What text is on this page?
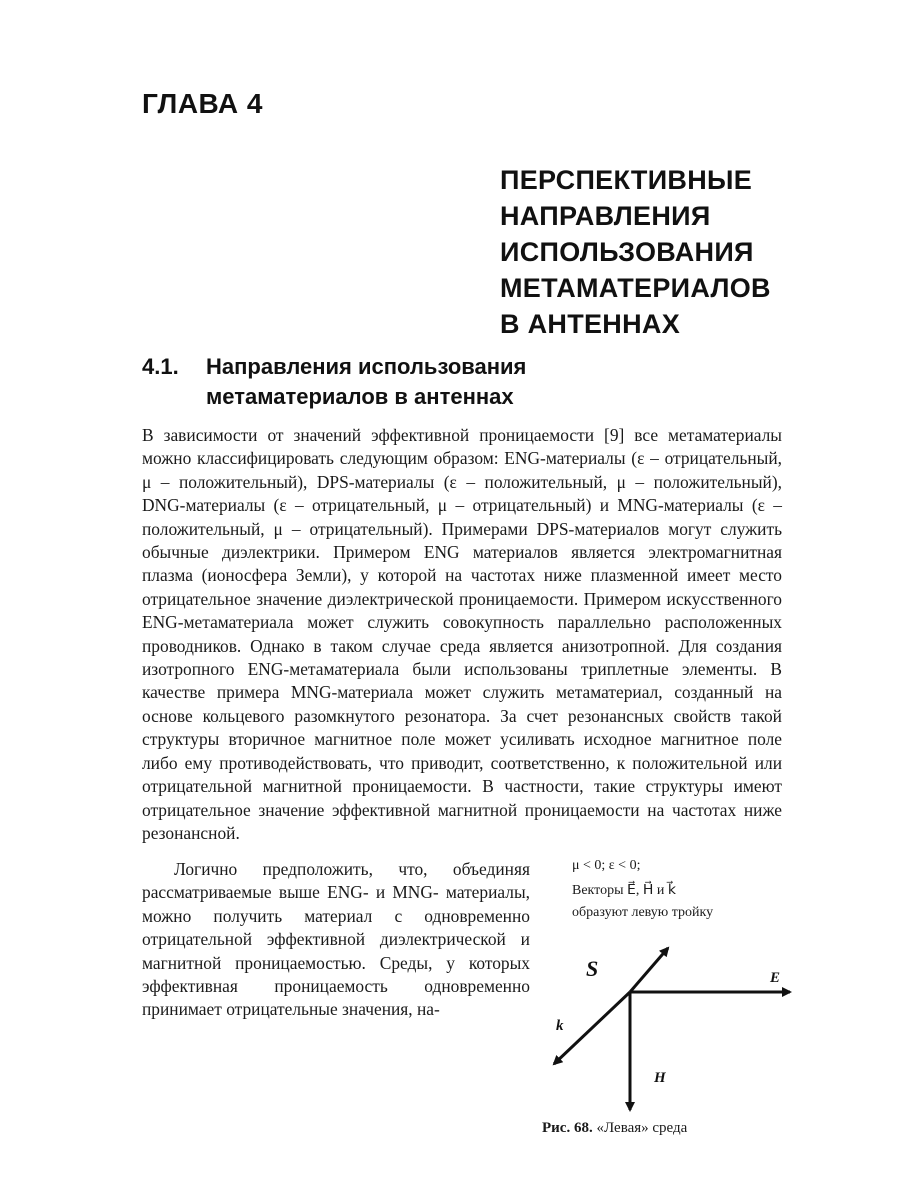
ГЛАВА 4
ПЕРСПЕКТИВНЫЕ
НАПРАВЛЕНИЯ
ИСПОЛЬЗОВАНИЯ
МЕТАМАТЕРИАЛОВ
В АНТЕННАХ
4.1. Направления использования
метаматериалов в антеннах

В зависимости от значений эффективной проницаемости [9] все метаматериалы можно классифицировать следующим образом: ENG-материалы (ε – отрицательный, μ – положительный), DPS-материалы (ε – положительный, μ – положительный), DNG-материалы (ε – отрицательный, μ – отрицательный) и MNG-материалы (ε – положительный, μ – отрицательный). Примерами DPS-материалов могут служить обычные диэлектрики. Примером ENG материалов является электромагнитная плазма (ионосфера Земли), у которой на частотах ниже плазменной имеет место отрицательное значение диэлектрической проницаемости. Примером искусственного ENG-метаматериала может служить совокупность параллельно расположенных проводников. Однако в таком случае среда является анизотропной. Для создания изотропного ENG-метаматериала были использованы триплетные элементы. В качестве примера MNG-материала может служить метаматериал, созданный на основе кольцевого разомкнутого резонатора. За счет резонансных свойств такой структуры вторичное магнитное поле может усиливать исходное магнитное поле либо ему противодействовать, что приводит, соответственно, к положительной или отрицательной магнитной проницаемости. В частности, такие структуры имеют отрицательное значение эффективной магнитной проницаемости на частотах ниже резонансной.

Логично предположить, что, объединяя рассматриваемые выше ENG- и MNG- материалы, можно получить материал с одновременно отрицательной эффективной диэлектрической и магнитной проницаемостью. Среды, у которых эффективная проницаемость одновременно принимает отрицательные значения, на-

μ < 0; ε < 0;
Векторы E⃗, H⃗ и k⃗
образуют левую тройку
S	E⃗
k⃗
H⃗
Рис. 68. «Левая» среда
